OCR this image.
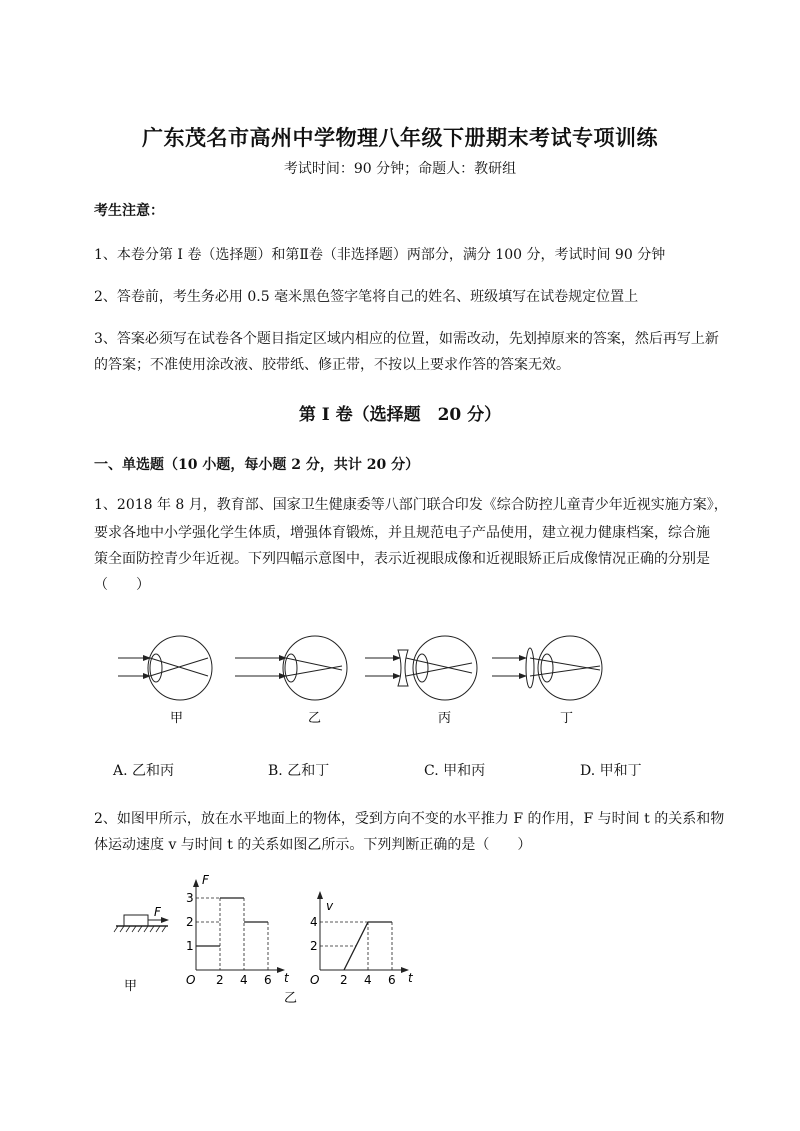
广东茂名市高州中学物理八年级下册期末考试专项训练
考试时间：90 分钟；命题人：教研组
考生注意：
1、本卷分第 I 卷（选择题）和第Ⅱ卷（非选择题）两部分，满分 100 分，考试时间 90 分钟
2、答卷前，考生务必用 0.5 毫米黑色签字笔将自己的姓名、班级填写在试卷规定位置上
3、答案必须写在试卷各个题目指定区域内相应的位置，如需改动，先划掉原来的答案，然后再写上新
的答案；不准使用涂改液、胶带纸、修正带，不按以上要求作答的答案无效。
第 I 卷（选择题　20 分）
一、单选题（10 小题，每小题 2 分，共计 20 分）
1、2018 年 8 月，教育部、国家卫生健康委等八部门联合印发《综合防控儿童青少年近视实施方案》，
要求各地中小学强化学生体质，增强体育锻炼，并且规范电子产品使用，建立视力健康档案，综合施
策全面防控青少年近视。下列四幅示意图中，表示近视眼成像和近视眼矫正后成像情况正确的分别是
（　　）
甲	乙	丙	丁
A. 乙和丙	B. 乙和丁	C. 甲和丙	D. 甲和丁
2、如图甲所示，放在水平地面上的物体，受到方向不变的水平推力 F 的作用，F 与时间 t 的关系和物
体运动速度 v 与时间 t 的关系如图乙所示。下列判断正确的是（　　）
F
甲
F
1
2
3
O 2 4 6 t
乙
v
2
4
O 2 4 6 t
